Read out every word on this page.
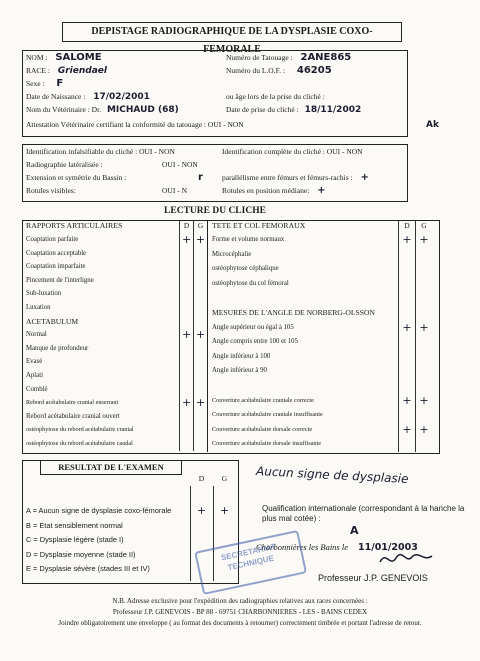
DEPISTAGE RADIOGRAPHIQUE DE LA DYSPLASIE COXO-FEMORALE
NOM : SALOME
RACE : Griendael
Sexe : F
Date de Naissance : 17/02/2001
Nom du Vétérinaire : Dr. MICHAUD (68)
Numéro de Tatouage : 2ANE865
Numéro du L.O.F. : 46205
ou âge lors de la prise du cliché :
Date de prise du cliché : 18/11/2002
Attestation Vétérinaire certifiant la conformité du tatouage : OUI - NON	Ak
Identification infalsifiable du cliché : OUI - NON
Radiographie latéralisée :	OUI - NON
Extension et symétrie du Bassin :	r
Rotules visibles:	OUI - N
Identification complète du cliché : OUI - NON
parallélisme entre fémurs et fémurs-rachis : +
Rotules en position médiane: +
LECTURE DU CLICHE
RAPPORTS ARTICULAIRES	D	G
Coaptation parfaite	+ +
Coaptation acceptable
Coaptation imparfaite
Pincement de l'interligne
Sub-luxation
Luxation
ACETABULUM
Normal	+ +
Manque de profondeur
Evasé
Aplati
Comblé
Rebord acétabulaire cranial enserrant	+ +
Rebord acétabulaire cranial ouvert
ostéophytose du rebord acétabulaire cranial
ostéophytose du rebord acétabulaire caudal
TETE ET COL FEMORAUX	D	G
Forme et volume normaux	+ +
Microcéphalie
ostéophytose céphalique
ostéophytose du col fémoral
MESURES DE L'ANGLE DE NORBERG-OLSSON
Angle supérieur ou égal à 105	+ +
Angle compris entre 100 et 105
Angle inférieur à 100
Angle inférieur à 90
Couverture acétabulaire craniale correcte	+ +
Couverture acétabulaire craniale insuffisante
Couverture acétabulaire dorsale correcte	+ +
Couverture acétabulaire dorsale insuffisante
RESULTAT DE L'EXAMEN
D	G
A = Aucun signe de dysplasie coxo-fémorale	+	+
B = Etat sensiblement normal
C = Dysplasie légère (stade I)
D = Dysplasie moyenne (stade II)
E = Dysplasie sévère (stades III et IV)
Aucun signe de dysplasie
Qualification internationale (correspondant à la hanche la plus mal cotée) :
A
Charbonnières les Bains le 11/01/2003
SECRETARIAT TECHNIQUE
Professeur J.P. GENEVOIS
N.B. Adresse exclusive pour l'expédition des radiographies relatives aux races concernées :
Professeur J.P. GENEVOIS - BP 88 - 69751 CHARBONNIERES - LES - BAINS CEDEX
Joindre obligatoirement une enveloppe ( au format des documents à retourner) correctement timbrée et portant l'adresse de retour.
